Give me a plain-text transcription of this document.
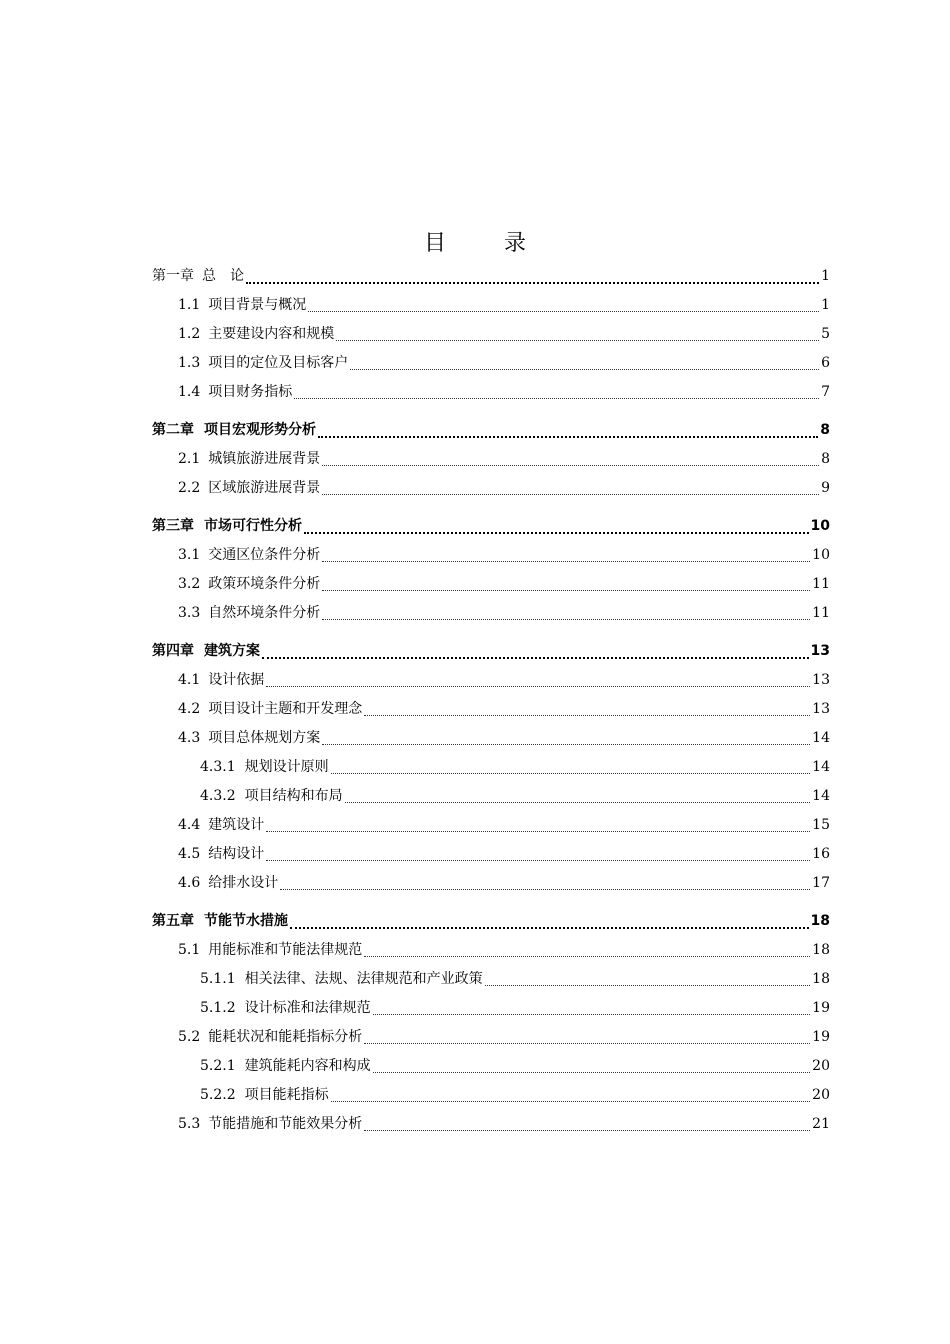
目	录
第一章 总　论	1
1.1 项目背景与概况	1
1.2 主要建设内容和规模	5
1.3 项目的定位及目标客户	6
1.4 项目财务指标	7
第二章 项目宏观形势分析	8
2.1 城镇旅游进展背景	8
2.2 区域旅游进展背景	9
第三章 市场可行性分析	10
3.1 交通区位条件分析	10
3.2 政策环境条件分析	11
3.3 自然环境条件分析	11
第四章 建筑方案	13
4.1 设计依据	13
4.2 项目设计主题和开发理念	13
4.3 项目总体规划方案	14
4.3.1 规划设计原则	14
4.3.2 项目结构和布局	14
4.4 建筑设计	15
4.5 结构设计	16
4.6 给排水设计	17
第五章 节能节水措施	18
5.1 用能标准和节能法律规范	18
5.1.1 相关法律、法规、法律规范和产业政策	18
5.1.2 设计标准和法律规范	19
5.2 能耗状况和能耗指标分析	19
5.2.1 建筑能耗内容和构成	20
5.2.2 项目能耗指标	20
5.3 节能措施和节能效果分析	21
